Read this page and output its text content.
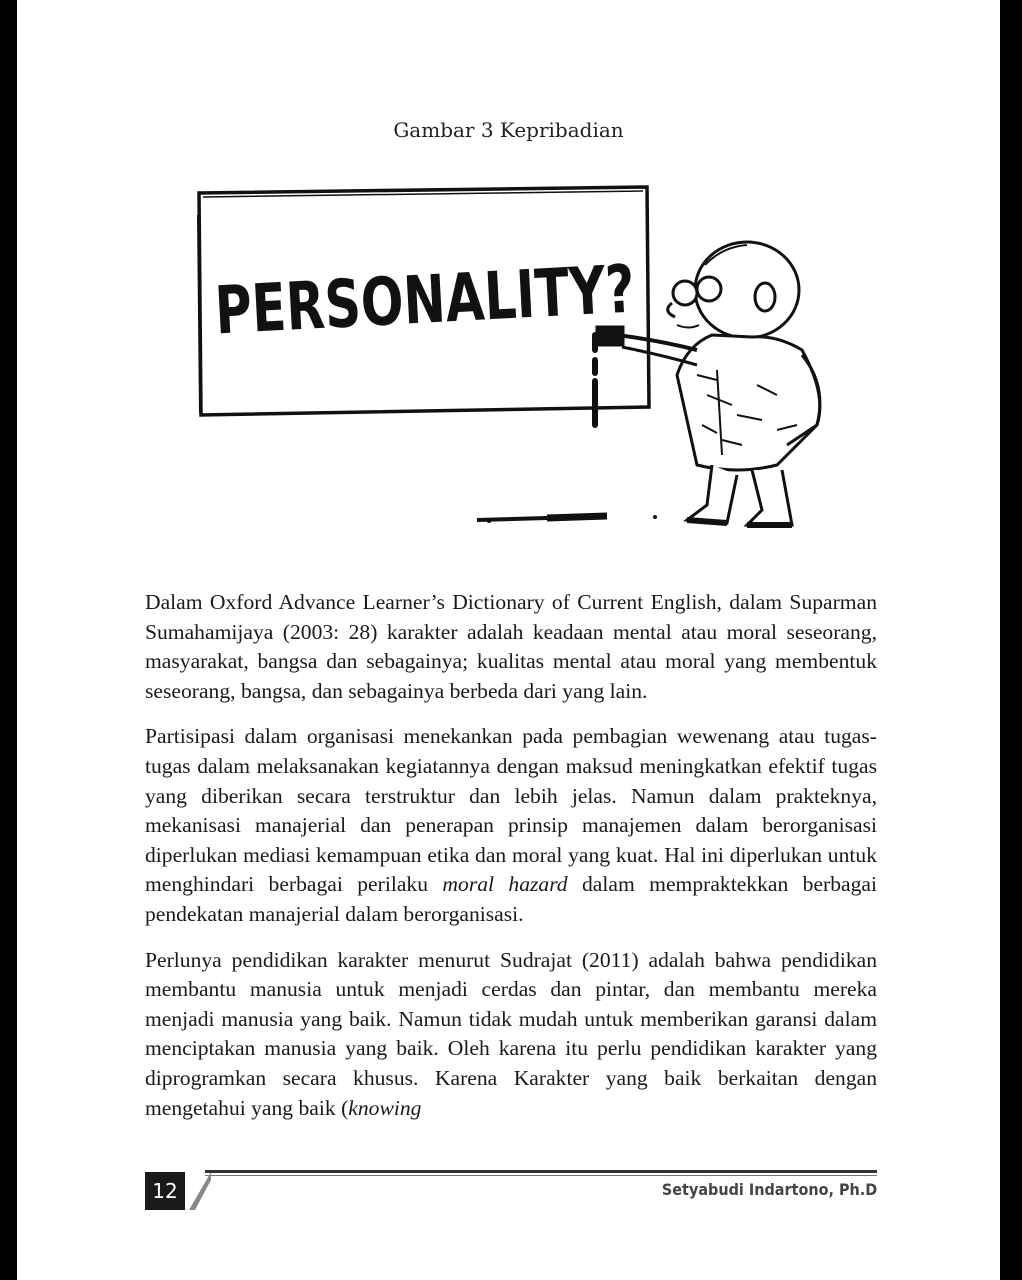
Gambar 3 Kepribadian
PERSONALITY?

Dalam Oxford Advance Learner’s Dictionary of Current English, dalam Suparman Sumahamijaya (2003: 28) karakter adalah keadaan mental atau moral seseorang, masyarakat, bangsa dan sebagainya; kualitas mental atau moral yang membentuk seseorang, bangsa, dan sebagainya berbeda dari yang lain.

Partisipasi dalam organisasi menekankan pada pembagian wewenang atau tugas-tugas dalam melaksanakan kegiatannya dengan maksud meningkatkan efektif tugas yang diberikan secara terstruktur dan lebih jelas. Namun dalam prakteknya, mekanisasi manajerial dan penerapan prinsip manajemen dalam berorganisasi diperlukan mediasi kemampuan etika dan moral yang kuat. Hal ini diperlukan untuk menghindari berbagai perilaku moral hazard dalam mempraktekkan berbagai pendekatan manajerial dalam berorganisasi.

Perlunya pendidikan karakter menurut Sudrajat (2011) adalah bahwa pendidikan membantu manusia untuk menjadi cerdas dan pintar, dan membantu mereka menjadi manusia yang baik. Namun tidak mudah untuk memberikan garansi dalam menciptakan manusia yang baik. Oleh karena itu perlu pendidikan karakter yang diprogramkan secara khusus. Karena Karakter yang baik berkaitan dengan mengetahui yang baik (knowing

12	Setyabudi Indartono, Ph.D
